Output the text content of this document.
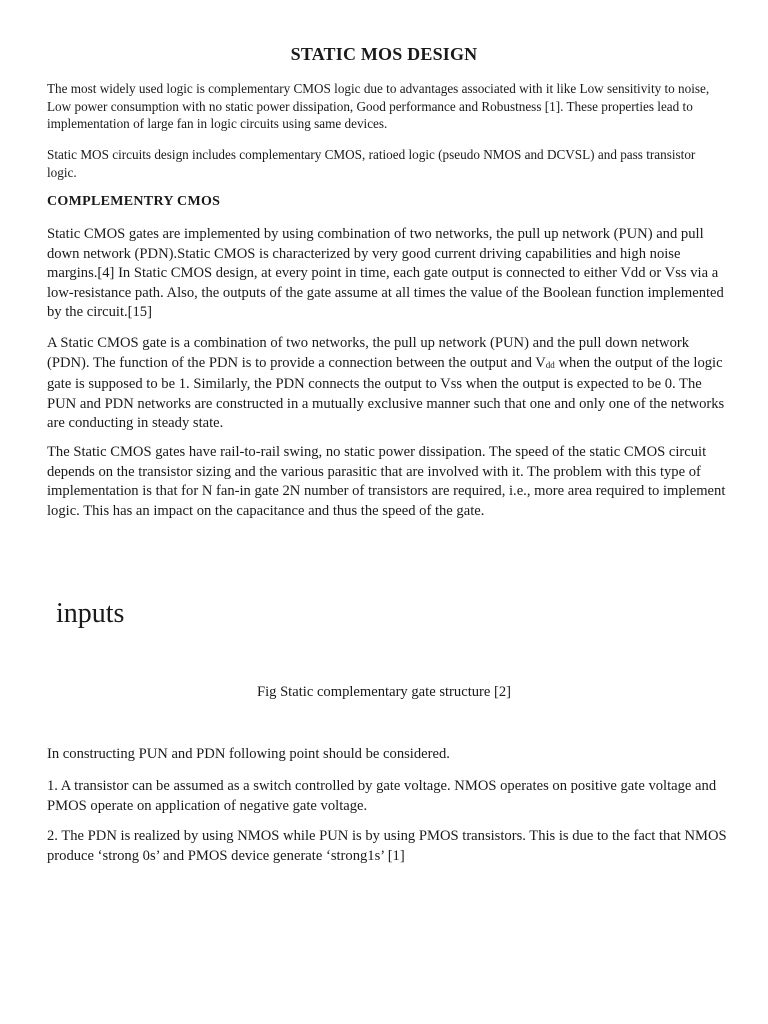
STATIC MOS DESIGN

The most widely used logic is complementary CMOS logic due to advantages associated with it like Low sensitivity to noise, Low power consumption with no static power dissipation, Good performance and Robustness [1]. These properties lead to implementation of large fan in logic circuits using same devices.

Static MOS circuits design includes complementary CMOS, ratioed logic (pseudo NMOS and DCVSL) and pass transistor logic.

COMPLEMENTRY CMOS

Static CMOS gates are implemented by using combination of two networks, the pull up network (PUN) and pull down network (PDN).Static CMOS is characterized by very good current driving capabilities and high noise margins.[4] In Static CMOS design, at every point in time, each gate output is connected to either Vdd or Vss via a low-resistance path. Also, the outputs of the gate assume at all times the value of the Boolean function implemented by the circuit.[15]

A Static CMOS gate is a combination of two networks, the pull up network (PUN) and the pull down network (PDN). The function of the PDN is to provide a connection between the output and $V_{dd}$ when the output of the logic gate is supposed to be 1. Similarly, the PDN connects the output to Vss when the output is expected to be 0. The PUN and PDN networks are constructed in a mutually exclusive manner such that one and only one of the networks are conducting in steady state.

The Static CMOS gates have rail-to-rail swing, no static power dissipation. The speed of the static CMOS circuit depends on the transistor sizing and the various parasitic that are involved with it. The problem with this type of implementation is that for N fan-in gate 2N number of transistors are required, i.e., more area required to implement logic. This has an impact on the capacitance and thus the speed of the gate.

inputs
Fig Static complementary gate structure [2]

In constructing PUN and PDN following point should be considered.

1. A transistor can be assumed as a switch controlled by gate voltage. NMOS operates on positive gate voltage and PMOS operate on application of negative gate voltage.

2. The PDN is realized by using NMOS while PUN is by using PMOS transistors. This is due to the fact that NMOS produce ‘strong 0s’ and PMOS device generate ‘strong1s’ [1]
